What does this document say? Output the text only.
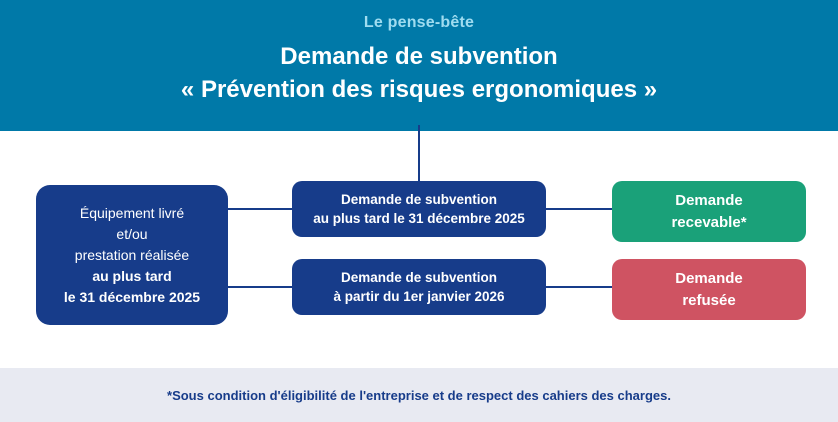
Le pense-bête
Demande de subvention
« Prévention des risques ergonomiques »
Équipement livré
et/ou
prestation réalisée
au plus tard
le 31 décembre 2025
Demande de subvention
au plus tard le 31 décembre 2025
Demande de subvention
à partir du 1er janvier 2026
Demande
recevable*
Demande
refusée
*Sous condition d'éligibilité de l'entreprise et de respect des cahiers des charges.
